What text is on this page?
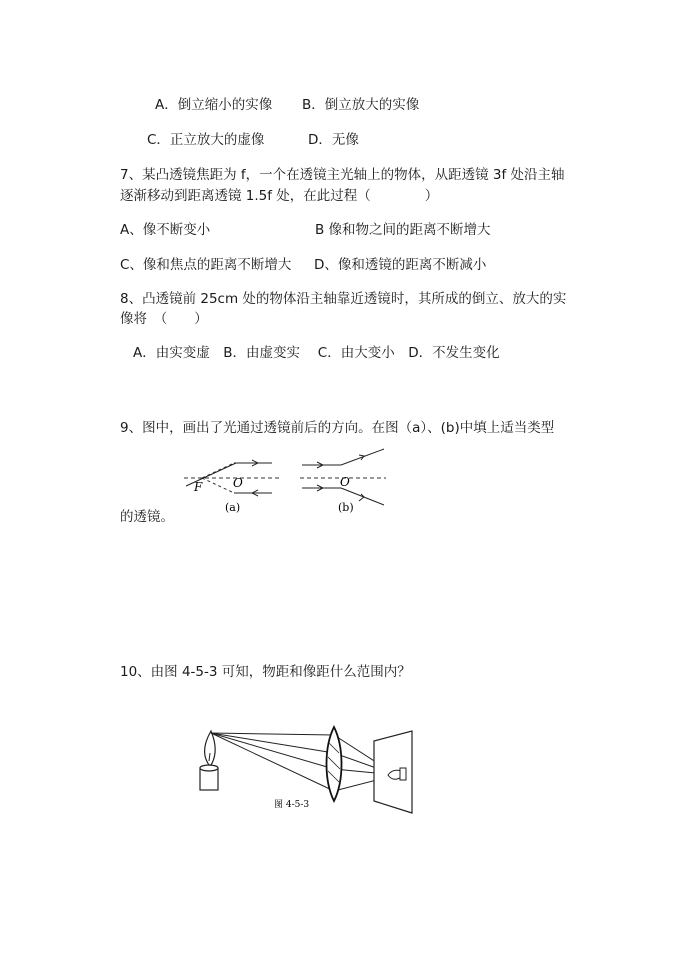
A．倒立缩小的实像 B．倒立放大的实像
C．正立放大的虚像	D．无像
7、某凸透镜焦距为 f，一个在透镜主光轴上的物体，从距透镜 3f 处沿主轴
逐渐移动到距离透镜 1.5f 处，在此过程（　　　　）
A、像不断变小	B 像和物之间的距离不断增大
C、像和焦点的距离不断增大 D、像和透镜的距离不断减小
8、凸透镜前 25cm 处的物体沿主轴靠近透镜时，其所成的倒立、放大的实
像将　（　　）
A．由实变虚　B．由虚变实　 C．由大变小　D．不发生变化
9、图中，画出了光通过透镜前后的方向。在图（a）、(b)中填上适当类型
的透镜。
F	O
(a)
O
(b)
10、由图 4-5-3 可知，物距和像距什么范围内？
图 4-5-3
